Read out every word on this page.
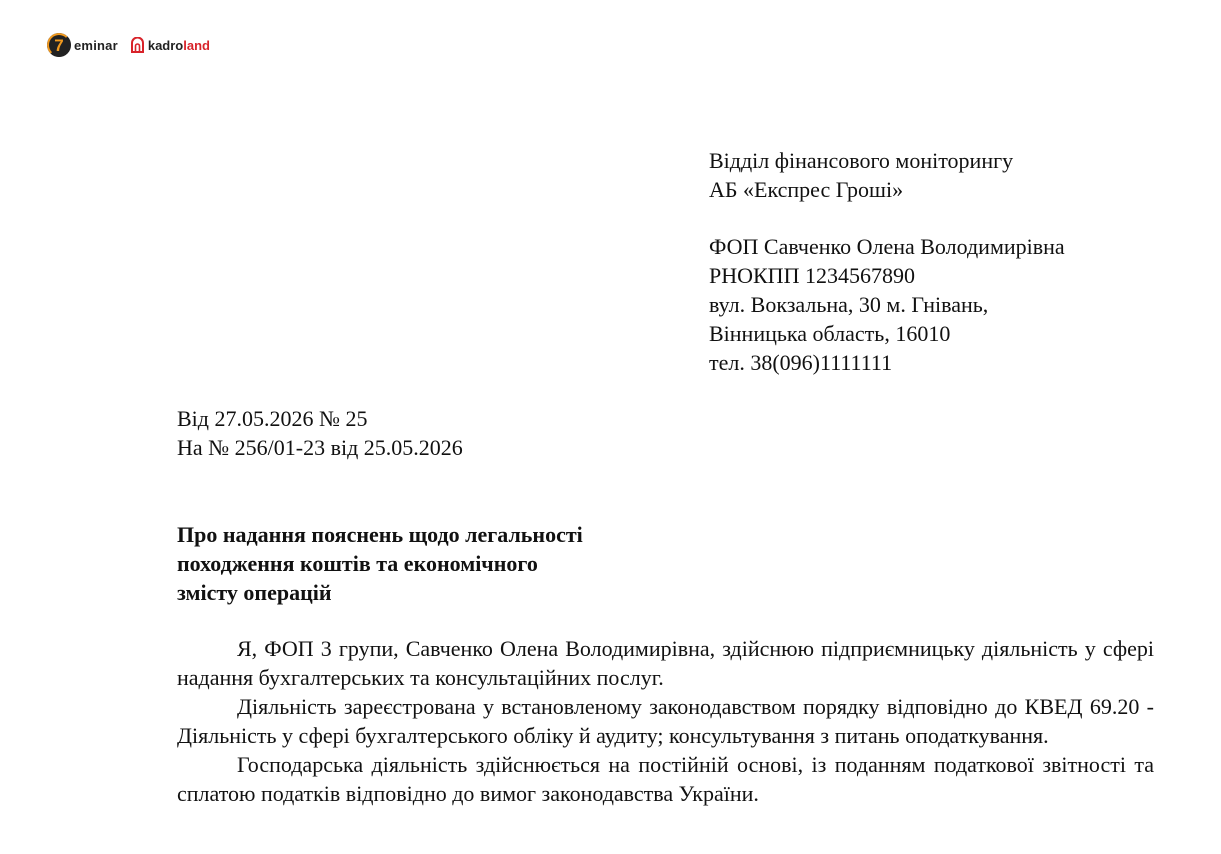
7 eminar kadro land
Відділ фінансового моніторингу
АБ «Експрес Гроші»
ФОП Савченко Олена Володимирівна
РНОКПП 1234567890
вул. Вокзальна, 30 м. Гнівань,
Вінницька область, 16010
тел. 38(096)1111111
Від 27.05.2026 № 25
На № 256/01-23 від 25.05.2026
Про надання пояснень щодо легальності
походження коштів та економічного
змісту операцій

Я, ФОП 3 групи, Савченко Олена Володимирівна, здійснюю підприємницьку діяльність у сфері надання бухгалтерських та консультаційних послуг.

Діяльність зареєстрована у встановленому законодавством порядку відповідно до КВЕД 69.20 - Діяльність у сфері бухгалтерського обліку й аудиту; консультування з питань оподаткування.

Господарська діяльність здійснюється на постійній основі, із поданням податкової звітності та сплатою податків відповідно до вимог законодавства України.
